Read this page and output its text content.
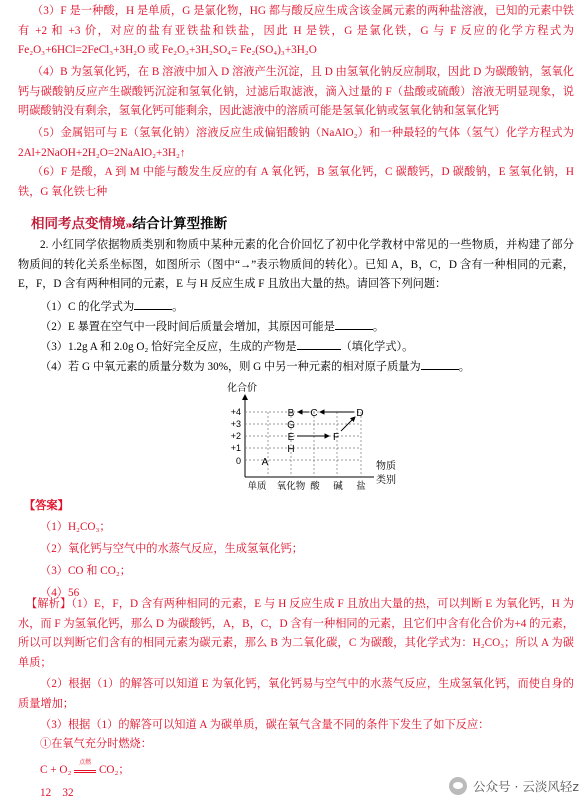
（3）F 是一种酸，H 是单质，G 是氯化物，HG 都与酸反应生成含该金属元素的两种盐溶液，已知的元素中铁有 +2 和 +3 价，对应的盐有亚铁盐和铁盐，因此 H 是铁，G 是氯化铁，G 与 F 反应的化学方程式为 Fe₂O₃+6HCl=2FeCl₃+3H₂O 或 Fe₂O₃+3H₂SO₄= Fe₂(SO₄)₃+3H₂O
（4）B 为氢氧化钙，在 B 溶液中加入 D 溶液产生沉淀，且 D 由氢氧化钠反应制取，因此 D 为碳酸钠，氢氧化钙与碳酸钠反应产生碳酸钙沉淀和氢氧化钠，过滤后取滤液，滴入过量的 F（盐酸或硫酸）溶液无明显现象，说明碳酸钠没有剩余，氢氧化钙可能剩余，因此滤液中的溶质可能是氢氧化钠或氢氧化钠和氢氧化钙
（5）金属铝可与 E（氢氧化钠）溶液反应生成偏铝酸钠（NaAlO₂）和一种最轻的气体（氢气）化学方程式为 2Al+2NaOH+2H₂O=2NaAlO₂+3H₂↑
（6）F 是酸，A 到 M 中能与酸发生反应的有 A 氧化钙，B 氢氧化钙，C 碳酸钙，D 碳酸钠，E 氢氧化钠，H 铁，G 氧化铁七种
相同考点变情境»»结合计算型推断
2. 小红同学依据物质类别和物质中某种元素的化合价回忆了初中化学教材中常见的一些物质，并构建了部分物质间的转化关系坐标图，如图所示（图中“→”表示物质间的转化）。已知 A，B，C，D 含有一种相同的元素，E，F，D 含有两种相同的元素，E 与 H 反应生成 F 且放出大量的热。请回答下列问题：
（1）C 的化学式为	。
（2）E 暴置在空气中一段时间后质量会增加，其原因可能是	。
（3）1.2g A 和 2.0g O₂ 恰好完全反应，生成的产物是	（填化学式）。
（4）若 G 中氧元素的质量分数为 30%，则 G 中另一种元素的相对原子质量为	。
化合价
物质
类别
+4
+3
+2
+1
0
单质 氧化物 酸 碱 盐
A
B C	D
E	F
G
H
【答案】
（1）H₂CO₃；
（2）氧化钙与空气中的水蒸气反应，生成氢氧化钙；
（3）CO 和 CO₂；
（4）56
【解析】（1）E，F，D 含有两种相同的元素，E 与 H 反应生成 F 且放出大量的热，可以判断 E 为氧化钙，H 为水，而 F 为氢氧化钙，那么 D 为碳酸钙，A，B，C，D 含有一种相同的元素，且它们中含有化合价为+4 的元素，所以可以判断它们含有的相同元素为碳元素，那么 B 为二氧化碳，C 为碳酸，其化学式为：H₂CO₃；所以 A 为碳单质；
（2）根据（1）的解答可以知道 E 为氧化钙，氧化钙易与空气中的水蒸气反应，生成氢氧化钙，而使自身的质量增加；
（3）根据（1）的解答可以知道 A 为碳单质，碳在氧气含量不同的条件下发生了如下反应：
①在氧气充分时燃烧：
C + O₂
点燃
CO₂；
12　32	公众号 · 云淡风轻z
